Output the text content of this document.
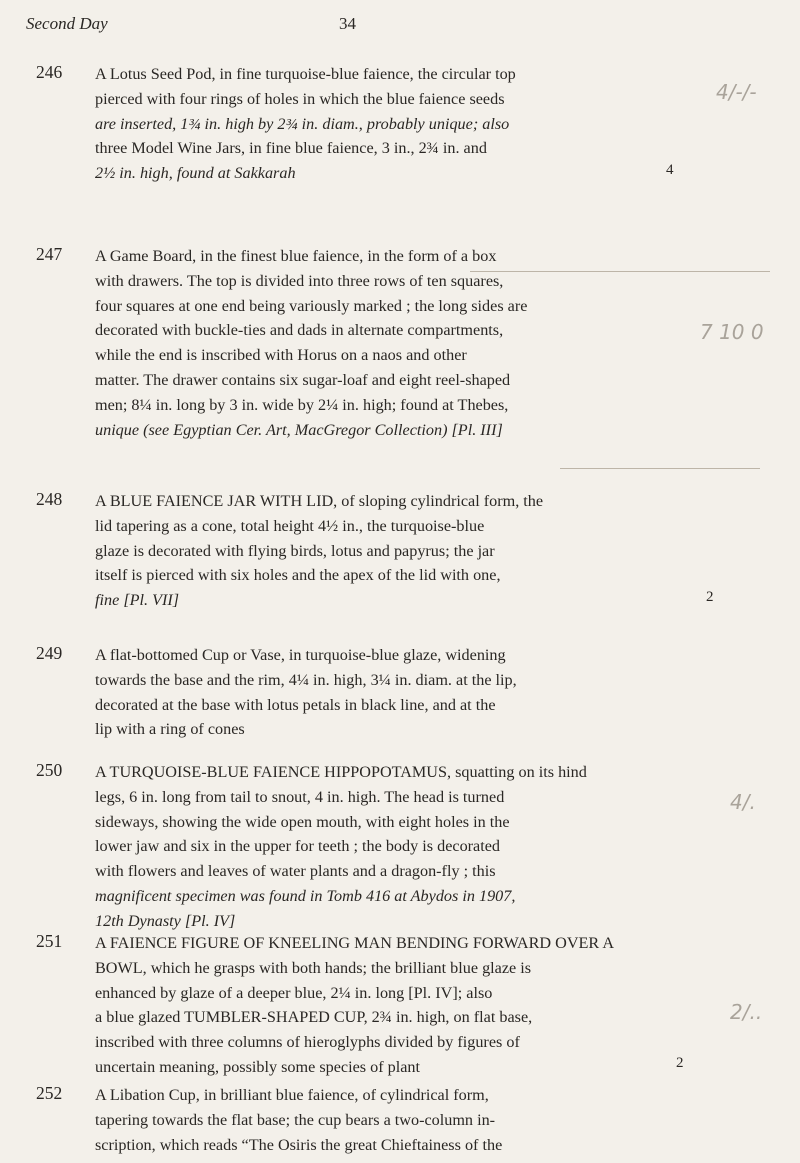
Second Day	34
246 A Lotus Seed Pod, in fine turquoise-blue faience, the circular top

pierced with four rings of holes in which the blue faience seeds

are inserted, 1¾ in. high by 2¾ in. diam., probably unique; also

three Model Wine Jars, in fine blue faience, 3 in., 2¾ in. and

2½ in. high, found at Sakkarah	4
247 A Game Board, in the finest blue faience, in the form of a box

with drawers. The top is divided into three rows of ten squares,

four squares at one end being variously marked ; the long sides are

decorated with buckle-ties and dads in alternate compartments,

while the end is inscribed with Horus on a naos and other

matter. The drawer contains six sugar-loaf and eight reel-shaped

men; 8¼ in. long by 3 in. wide by 2¼ in. high; found at Thebes,

unique (see Egyptian Cer. Art, MacGregor Collection) [Pl. III]

248 A BLUE FAIENCE JAR WITH LID, of sloping cylindrical form, the

lid tapering as a cone, total height 4½ in., the turquoise-blue

glaze is decorated with flying birds, lotus and papyrus; the jar

itself is pierced with six holes and the apex of the lid with one,

fine [Pl. VII]	2
249 A flat-bottomed Cup or Vase, in turquoise-blue glaze, widening

towards the base and the rim, 4¼ in. high, 3¼ in. diam. at the lip,

decorated at the base with lotus petals in black line, and at the

lip with a ring of cones

250 A TURQUOISE-BLUE FAIENCE HIPPOPOTAMUS, squatting on its hind

legs, 6 in. long from tail to snout, 4 in. high. The head is turned

sideways, showing the wide open mouth, with eight holes in the

lower jaw and six in the upper for teeth ; the body is decorated

with flowers and leaves of water plants and a dragon-fly ; this

magnificent specimen was found in Tomb 416 at Abydos in 1907,

12th Dynasty [Pl. IV]

251 A FAIENCE FIGURE OF KNEELING MAN BENDING FORWARD OVER A

BOWL, which he grasps with both hands; the brilliant blue glaze is

enhanced by glaze of a deeper blue, 2¼ in. long [Pl. IV]; also

a blue glazed TUMBLER-SHAPED CUP, 2¾ in. high, on flat base,

inscribed with three columns of hieroglyphs divided by figures of

uncertain meaning, possibly some species of plant	2
252 A Libation Cup, in brilliant blue faience, of cylindrical form,

tapering towards the flat base; the cup bears a two-column in-

scription, which reads “The Osiris the great Chieftainess of the

4/-/-
7 10 0
4/.
2/..
